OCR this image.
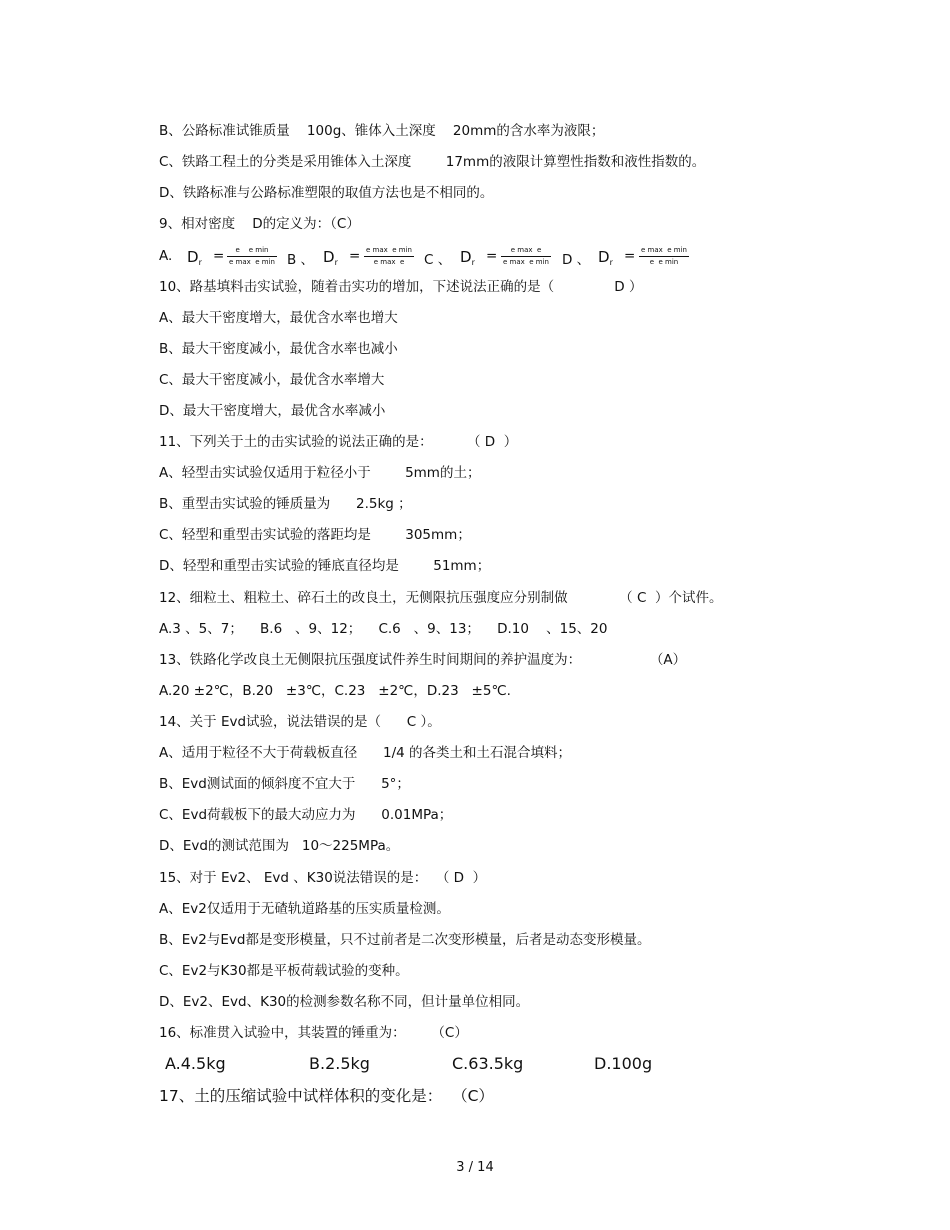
B、公路标准试锥质量    100g、锥体入土深度    20mm的含水率为液限；
C、铁路工程土的分类是采用锥体入土深度        17mm的液限计算塑性指数和液性指数的。
D、铁路标准与公路标准塑限的取值方法也是不相同的。
9、相对密度    D的定义为：（C）
A. $D_r$ =	e    e min
e max  e min B 、 $D_r = e$ max  e min
e max  e	C 、 $D_r$ =	e max  e
e max  e min D 、 $D_r = e$ max  e min
e  e min
10、路基填料击实试验，随着击实功的增加，下述说法正确的是（              D ）
A、最大干密度增大，最优含水率也增大
B、最大干密度减小，最优含水率也减小
C、最大干密度减小，最优含水率增大
D、最大干密度增大，最优含水率减小
11、下列关于土的击实试验的说法正确的是：        （ D  ）
A、轻型击实试验仅适用于粒径小于        5mm的土；
B、重型击实试验的锤质量为      2.5kg ；
C、轻型和重型击实试验的落距均是        305mm；
D、轻型和重型击实试验的锤底直径均是        51mm；
12、细粒土、粗粒土、碎石土的改良土，无侧限抗压强度应分别制做            （ C  ）个试件。
A.3 、5、7；    B.6   、9、12；    C.6   、9、13；    D.10    、15、20
13、铁路化学改良土无侧限抗压强度试件养生时间期间的养护温度为：                （A）
A.20 ±2℃，B.20   ±3℃，C.23   ±2℃，D.23   ±5℃.
14、关于 Evd试验，说法错误的是（      C ）。
A、适用于粒径不大于荷载板直径      1/4 的各类土和土石混合填料；
B、Evd测试面的倾斜度不宜大于      5°；
C、Evd荷载板下的最大动应力为      0.01MPa；
D、Evd的测试范围为   10～225MPa。
15、对于 Ev2、 Evd 、K30说法错误的是：  （ D  ）
A、Ev2仅适用于无碴轨道路基的压实质量检测。
B、Ev2与Evd都是变形模量，只不过前者是二次变形模量，后者是动态变形模量。
C、Ev2与K30都是平板荷载试验的变种。
D、Ev2、Evd、K30的检测参数名称不同，但计量单位相同。
16、标准贯入试验中，其装置的锤重为：      （C）
A.4.5kg	B.2.5kg	C.63.5kg	D.100g
17、土的压缩试验中试样体积的变化是：  （C）
3 / 14
